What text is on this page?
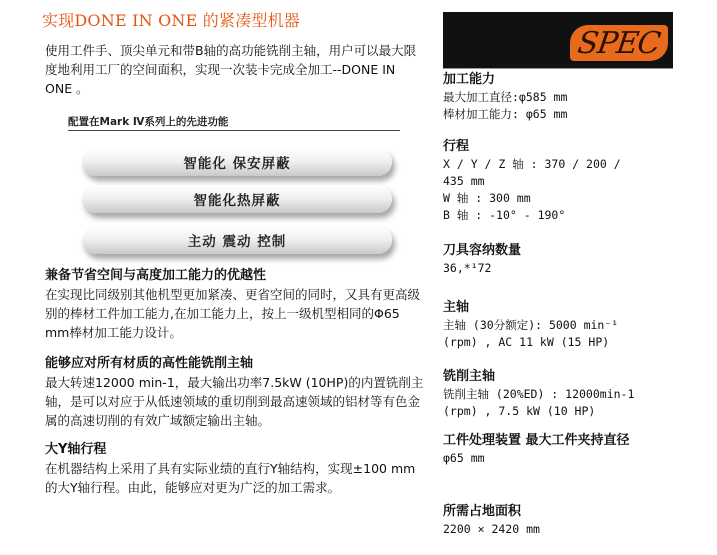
实现DONE IN ONE 的紧凑型机器

使用工件手、顶尖单元和带B轴的高功能铣削主轴，用户可以最大限度地利用工厂的空间面积，实现一次装卡完成全加工--DONE IN ONE 。

配置在Mark Ⅳ系列上的先进功能
智能化 保安屏蔽
智能化热屏蔽
主动 震动 控制

兼备节省空间与高度加工能力的优越性

在实现比同级别其他机型更加紧凑、更省空间的同时，又具有更高级别的棒材工件加工能力,在加工能力上，按上一级机型相同的Φ65 mm棒材加工能力设计。

能够应对所有材质的高性能铣削主轴

最大转速12000 min-1，最大输出功率7.5kW (10HP)的内置铣削主轴，是可以对应于从低速领域的重切削到最高速领域的铝材等有色金属的高速切削的有效广域额定输出主轴。

大Y轴行程

在机器结构上采用了具有实际业绩的直行Y轴结构，实现±100 mm 的大Y轴行程。由此，能够应对更为广泛的加工需求。

SPEC

加工能力

最大加工直径:φ585 mm

棒材加工能力: φ65 mm

行程

X / Y / Z 轴 : 370 / 200 /

435 mm

W 轴 : 300 mm

B 轴 : -10° - 190°

刀具容纳数量

36,*¹72

主轴

主轴 (30分额定): 5000 min⁻¹

(rpm) , AC 11 kW (15 HP)

铣削主轴

铣削主轴 (20%ED) : 12000min-1

(rpm) , 7.5 kW (10 HP)

工件处理装置 最大工件夹持直径

φ65 mm

所需占地面积

2200 × 2420 mm
